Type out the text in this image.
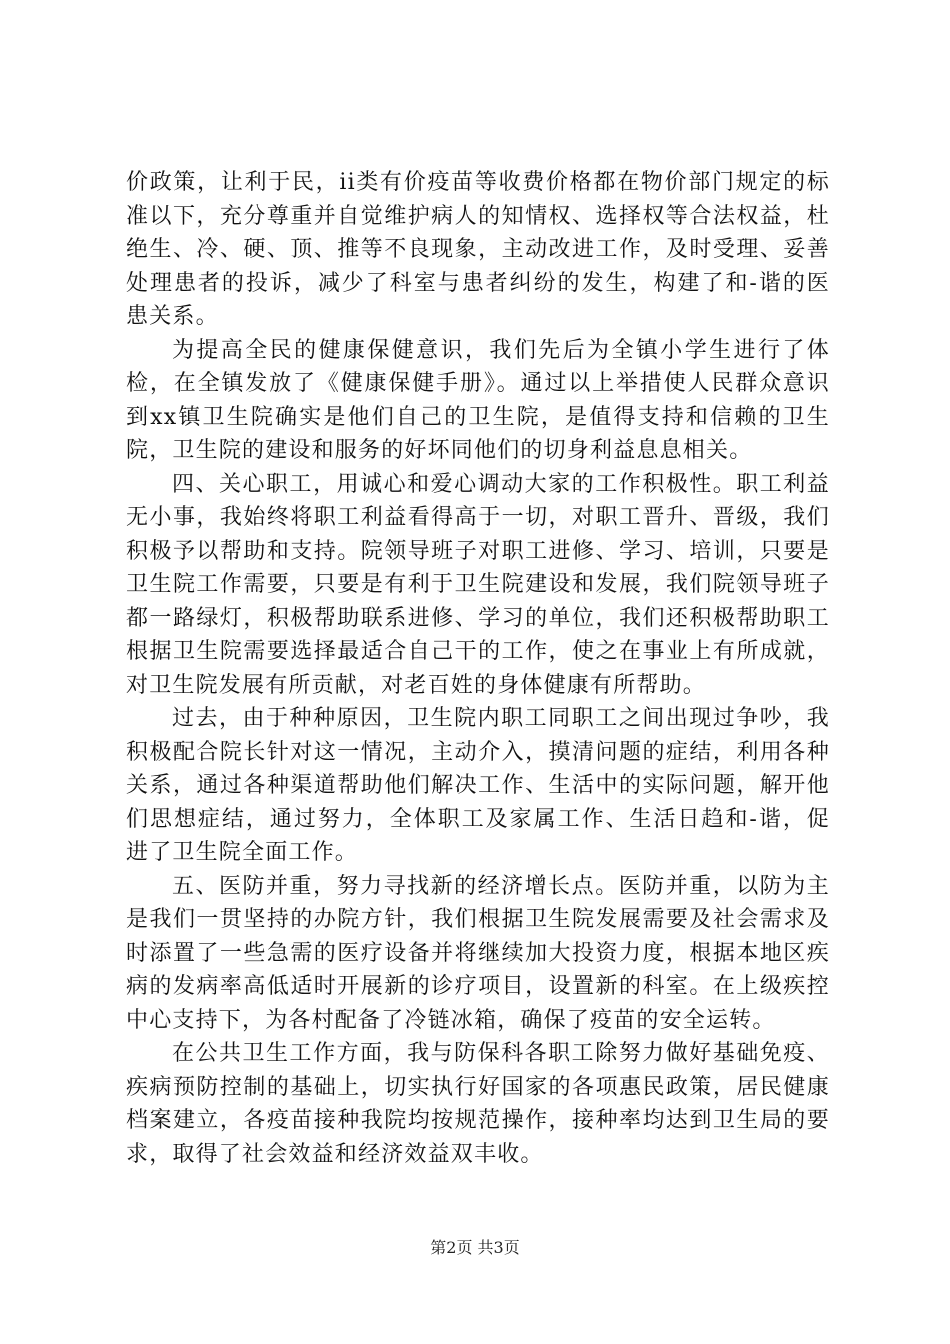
价政策，让利于民，ii类有价疫苗等收费价格都在物价部门规定的标准以下，充分尊重并自觉维护病人的知情权、选择权等合法权益，杜绝生、冷、硬、顶、推等不良现象，主动改进工作，及时受理、妥善处理患者的投诉，减少了科室与患者纠纷的发生，构建了和-谐的医患关系。

为提高全民的健康保健意识，我们先后为全镇小学生进行了体检，在全镇发放了《健康保健手册》。通过以上举措使人民群众意识到xx镇卫生院确实是他们自己的卫生院，是值得支持和信赖的卫生院，卫生院的建设和服务的好坏同他们的切身利益息息相关。

四、关心职工，用诚心和爱心调动大家的工作积极性。职工利益无小事，我始终将职工利益看得高于一切，对职工晋升、晋级，我们积极予以帮助和支持。院领导班子对职工进修、学习、培训，只要是卫生院工作需要，只要是有利于卫生院建设和发展，我们院领导班子都一路绿灯，积极帮助联系进修、学习的单位，我们还积极帮助职工根据卫生院需要选择最适合自己干的工作，使之在事业上有所成就，对卫生院发展有所贡献，对老百姓的身体健康有所帮助。

过去，由于种种原因，卫生院内职工同职工之间出现过争吵，我积极配合院长针对这一情况，主动介入，摸清问题的症结，利用各种关系，通过各种渠道帮助他们解决工作、生活中的实际问题，解开他们思想症结，通过努力，全体职工及家属工作、生活日趋和-谐，促进了卫生院全面工作。

五、医防并重，努力寻找新的经济增长点。医防并重，以防为主是我们一贯坚持的办院方针，我们根据卫生院发展需要及社会需求及时添置了一些急需的医疗设备并将继续加大投资力度，根据本地区疾病的发病率高低适时开展新的诊疗项目，设置新的科室。在上级疾控中心支持下，为各村配备了冷链冰箱，确保了疫苗的安全运转。

在公共卫生工作方面，我与防保科各职工除努力做好基础免疫、疾病预防控制的基础上，切实执行好国家的各项惠民政策，居民健康档案建立，各疫苗接种我院均按规范操作，接种率均达到卫生局的要求，取得了社会效益和经济效益双丰收。

第2页 共3页
